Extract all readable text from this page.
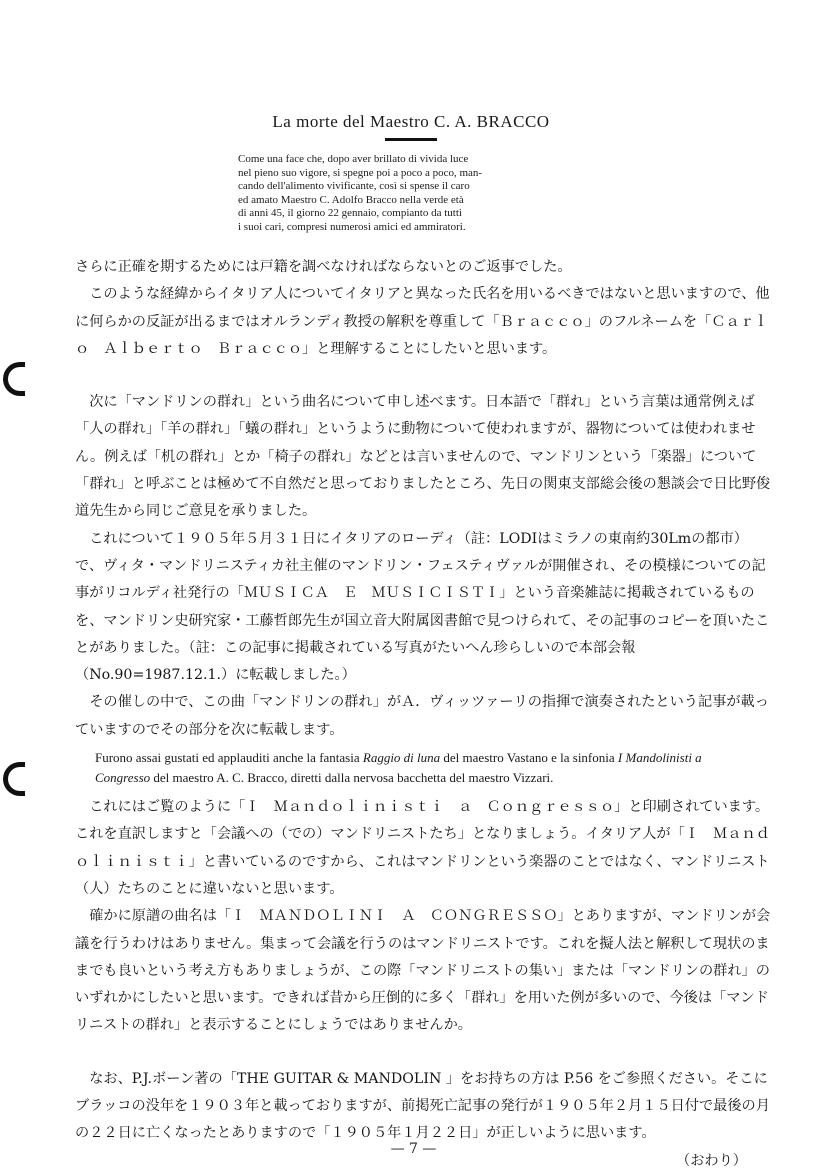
La morte del Maestro C. A. BRACCO
Come una face che, dopo aver brillato di vivida luce
nel pieno suo vigore, si spegne poi a poco a poco, man-
cando dell'alimento vivificante, così si spense il caro
ed amato Maestro C. Adolfo Bracco nella verde età
di anni 45, il giorno 22 gennaio, compianto da tutti
i suoi cari, compresi numerosi amici ed ammiratori.

さらに正確を期するためには戸籍を調べなければならないとのご返事でした。

このような経緯からイタリア人についてイタリアと異なった氏名を用いるべきではないと思いますので、他に何らかの反証が出るまではオルランディ教授の解釈を尊重して「Ｂｒａｃｃｏ」のフルネームを「Ｃａｒｌｏ　Ａｌｂｅｒｔｏ　Ｂｒａｃｃｏ」と理解することにしたいと思います。

次に「マンドリンの群れ」という曲名について申し述べます。日本語で「群れ」という言葉は通常例えば「人の群れ」「羊の群れ」「蟻の群れ」というように動物について使われますが、器物については使われません。例えば「机の群れ」とか「椅子の群れ」などとは言いませんので、マンドリンという「楽器」について「群れ」と呼ぶことは極めて不自然だと思っておりましたところ、先日の関東支部総会後の懇談会で日比野俊道先生から同じご意見を承りました。

これについて１９０５年５月３１日にイタリアのローディ（註：LODIはミラノの東南約30Lmの都市）で、ヴィタ・マンドリニスティカ社主催のマンドリン・フェスティヴァルが開催され、その模様についての記事がリコルディ社発行の「ＭＵＳＩＣＡ　Ｅ　ＭＵＳＩＣＩＳＴＩ」という音楽雑誌に掲載されているものを、マンドリン史研究家・工藤哲郎先生が国立音大附属図書館で見つけられて、その記事のコピーを頂いたことがありました。（註：この記事に掲載されている写真がたいへん珍らしいので本部会報（No.90=1987.12.1.）に転載しました。）

その催しの中で、この曲「マンドリンの群れ」がＡ．ヴィッツァーリの指揮で演奏されたという記事が載っていますのでその部分を次に転載します。

Furono assai gustati ed applauditi anche la fantasia Raggio di luna del maestro Vastano e la sinfonia I Mandolinisti a Congresso del maestro A. C. Bracco, diretti dalla nervosa bacchetta del maestro Vizzari.

これにはご覧のように「Ｉ　Ｍａｎｄｏｌｉｎｉｓｔｉ　ａ　Ｃｏｎｇｒｅｓｓｏ」と印刷されています。これを直訳しますと「会議への（での）マンドリニストたち」となりましょう。イタリア人が「Ｉ　Ｍａｎｄｏｌｉｎｉｓｔｉ」と書いているのですから、これはマンドリンという楽器のことではなく、マンドリニスト（人）たちのことに違いないと思います。

確かに原譜の曲名は「Ｉ　ＭＡＮＤＯＬＩＮＩ　Ａ　ＣＯＮＧＲＥＳＳＯ」とありますが、マンドリンが会議を行うわけはありません。集まって会議を行うのはマンドリニストです。これを擬人法と解釈して現状のままでも良いという考え方もありましょうが、この際「マンドリニストの集い」または「マンドリンの群れ」のいずれかにしたいと思います。できれば昔から圧倒的に多く「群れ」を用いた例が多いので、今後は「マンドリニストの群れ」と表示することにしょうではありませんか。

なお、P.J.ボーン著の「THE GUITAR & MANDOLIN 」をお持ちの方は P.56 をご参照ください。そこにブラッコの没年を１９０３年と載っておりますが、前掲死亡記事の発行が１９０５年２月１５日付で最後の月の２２日に亡くなったとありますので「１９０５年１月２２日」が正しいように思います。

（おわり）

— 7 —
